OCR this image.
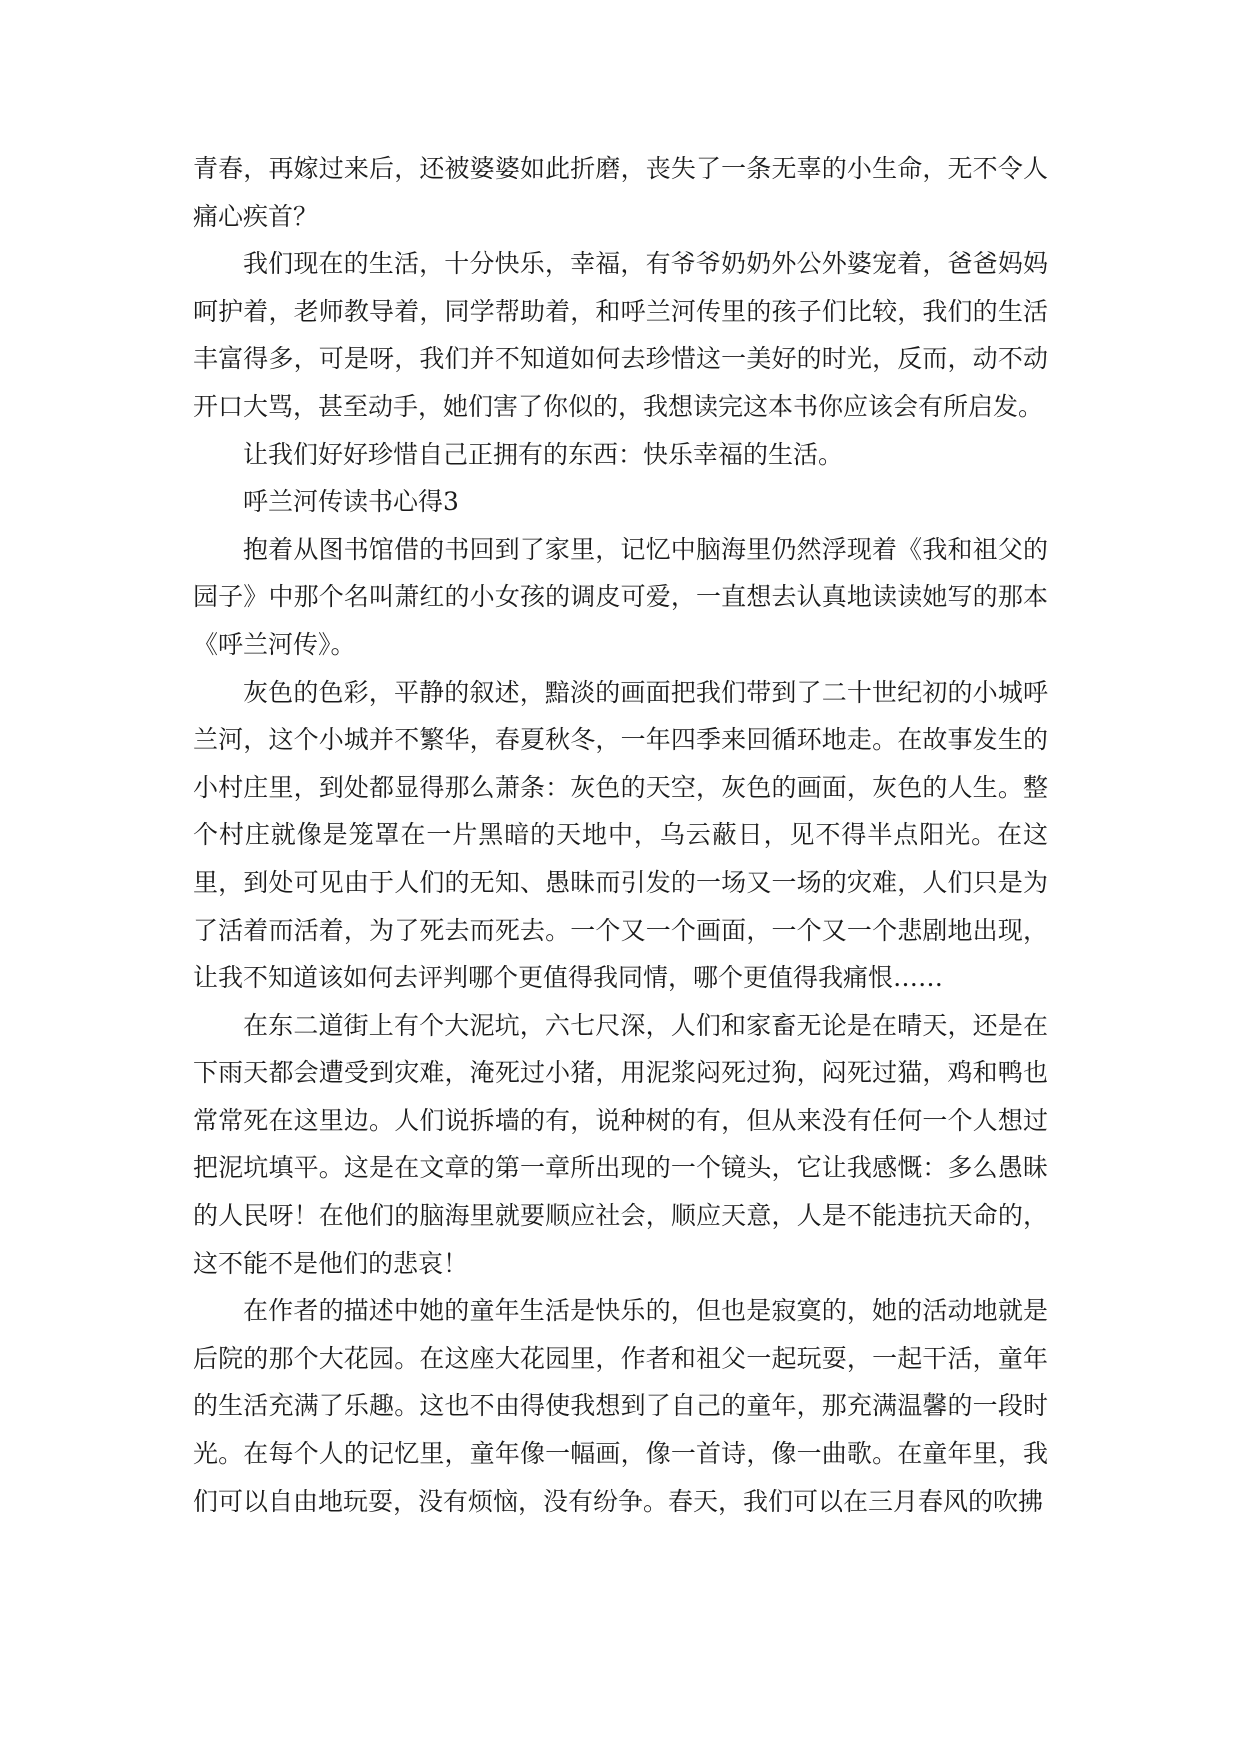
青春，再嫁过来后，还被婆婆如此折磨，丧失了一条无辜的小生命，无不令人痛心疾首？

我们现在的生活，十分快乐，幸福，有爷爷奶奶外公外婆宠着，爸爸妈妈呵护着，老师教导着，同学帮助着，和呼兰河传里的孩子们比较，我们的生活丰富得多，可是呀，我们并不知道如何去珍惜这一美好的时光，反而，动不动开口大骂，甚至动手，她们害了你似的，我想读完这本书你应该会有所启发。

让我们好好珍惜自己正拥有的东西：快乐幸福的生活。

呼兰河传读书心得3

抱着从图书馆借的书回到了家里，记忆中脑海里仍然浮现着《我和祖父的园子》中那个名叫萧红的小女孩的调皮可爱，一直想去认真地读读她写的那本《呼兰河传》。

灰色的色彩，平静的叙述，黯淡的画面把我们带到了二十世纪初的小城呼兰河，这个小城并不繁华，春夏秋冬，一年四季来回循环地走。在故事发生的小村庄里，到处都显得那么萧条：灰色的天空，灰色的画面，灰色的人生。整个村庄就像是笼罩在一片黑暗的天地中，乌云蔽日，见不得半点阳光。在这里，到处可见由于人们的无知、愚昧而引发的一场又一场的灾难，人们只是为了活着而活着，为了死去而死去。一个又一个画面，一个又一个悲剧地出现，让我不知道该如何去评判哪个更值得我同情，哪个更值得我痛恨……

在东二道街上有个大泥坑，六七尺深，人们和家畜无论是在晴天，还是在下雨天都会遭受到灾难，淹死过小猪，用泥浆闷死过狗，闷死过猫，鸡和鸭也常常死在这里边。人们说拆墙的有，说种树的有，但从来没有任何一个人想过把泥坑填平。这是在文章的第一章所出现的一个镜头，它让我感慨：多么愚昧的人民呀！在他们的脑海里就要顺应社会，顺应天意，人是不能违抗天命的，这不能不是他们的悲哀！

在作者的描述中她的童年生活是快乐的，但也是寂寞的，她的活动地就是后院的那个大花园。在这座大花园里，作者和祖父一起玩耍，一起干活，童年的生活充满了乐趣。这也不由得使我想到了自己的童年，那充满温馨的一段时光。在每个人的记忆里，童年像一幅画，像一首诗，像一曲歌。在童年里，我们可以自由地玩耍，没有烦恼，没有纷争。春天，我们可以在三月春风的吹拂
